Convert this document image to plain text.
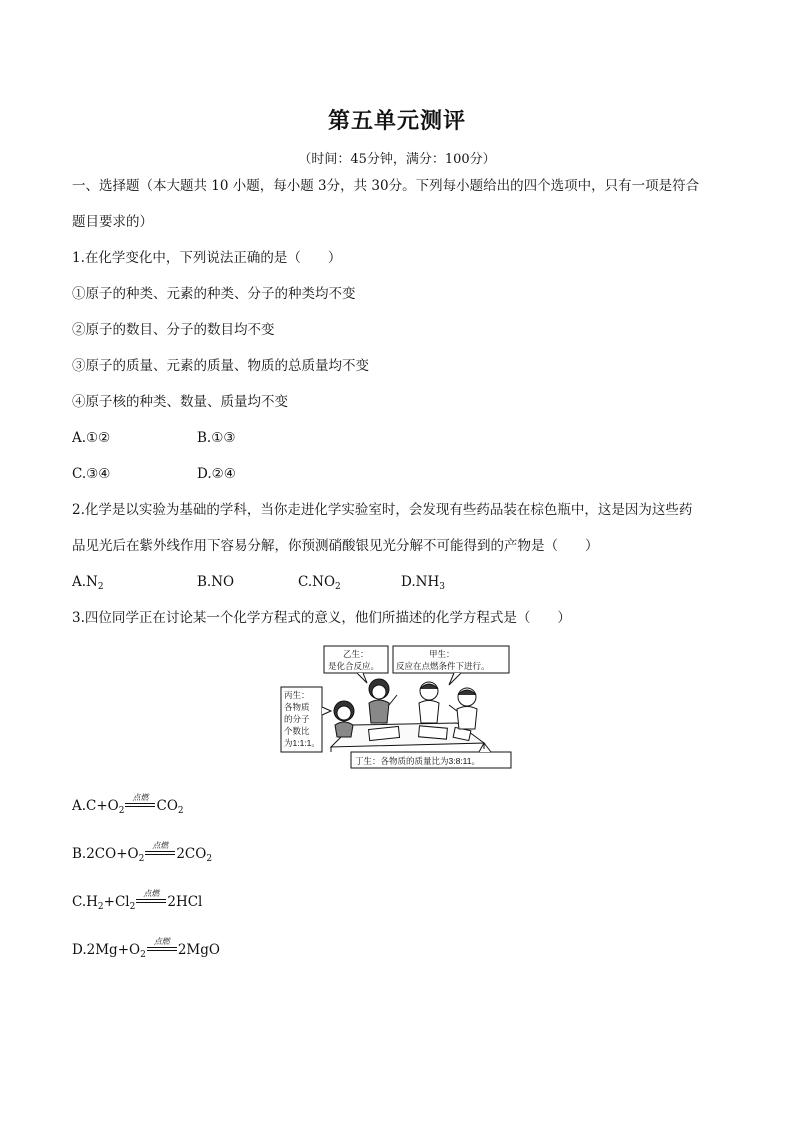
第五单元测评
（时间：45分钟，满分：100分）
一、选择题（本大题共 10 小题，每小题 3分，共 30分。下列每小题给出的四个选项中，只有一项是符合
题目要求的）
1.在化学变化中，下列说法正确的是（　　）
①原子的种类、元素的种类、分子的种类均不变
②原子的数目、分子的数目均不变
③原子的质量、元素的质量、物质的总质量均不变
④原子核的种类、数量、质量均不变
A.①②	B.①③
C.③④	D.②④
2.化学是以实验为基础的学科，当你走进化学实验室时，会发现有些药品装在棕色瓶中，这是因为这些药
品见光后在紫外线作用下容易分解，你预测硝酸银见光分解不可能得到的产物是（　　）
$A.N_2$	B.NO	$C.NO_2$	$D.NH_3$
3.四位同学正在讨论某一个化学方程式的意义，他们所描述的化学方程式是（　　）
乙生：
是化合反应。
甲生：
反应在点燃条件下进行。
丙生：
各物质
的分子
个数比
为1:1:1。
丁生：各物质的质量比为3:8:11。
$A.C+O_2$
点燃
$CO_2$
$B.2CO+O_2$
点燃
$2CO_2$
$C.H_2+Cl_2$
点燃
2HCl
$D.2Mg+O_2$
点燃
2MgO
